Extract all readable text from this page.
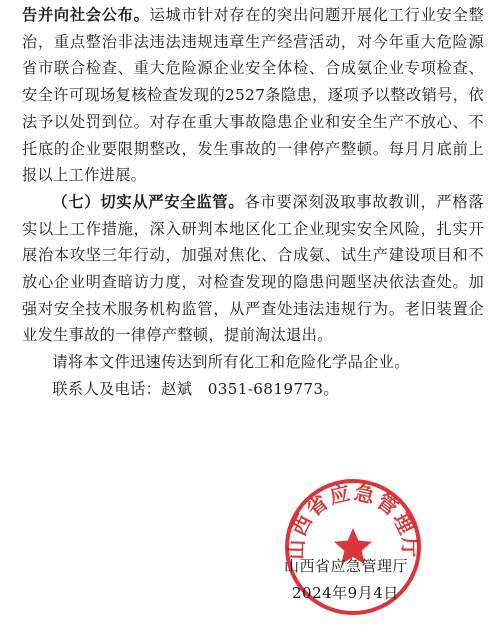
告并向社会公布。运城市针对存在的突出问题开展化工行业安全整治，重点整治非法违法违规违章生产经营活动，对今年重大危险源省市联合检查、重大危险源企业安全体检、合成氨企业专项检查、安全许可现场复核检查发现的2527条隐患，逐项予以整改销号，依法予以处罚到位。对存在重大事故隐患企业和安全生产不放心、不托底的企业要限期整改，发生事故的一律停产整顿。每月月底前上报以上工作进展。

（七）切实从严安全监管。各市要深刻汲取事故教训，严格落实以上工作措施，深入研判本地区化工企业现实安全风险，扎实开展治本攻坚三年行动，加强对焦化、合成氨、试生产建设项目和不放心企业明查暗访力度，对检查发现的隐患问题坚决依法查处。加强对安全技术服务机构监管，从严查处违法违规行为。老旧装置企业发生事故的一律停产整顿，提前淘汰退出。

请将本文件迅速传达到所有化工和危险化学品企业。

联系人及电话：赵斌　0351-6819773。

山西省应急管理厅
山西省应急管理厅
2024年9月4日
